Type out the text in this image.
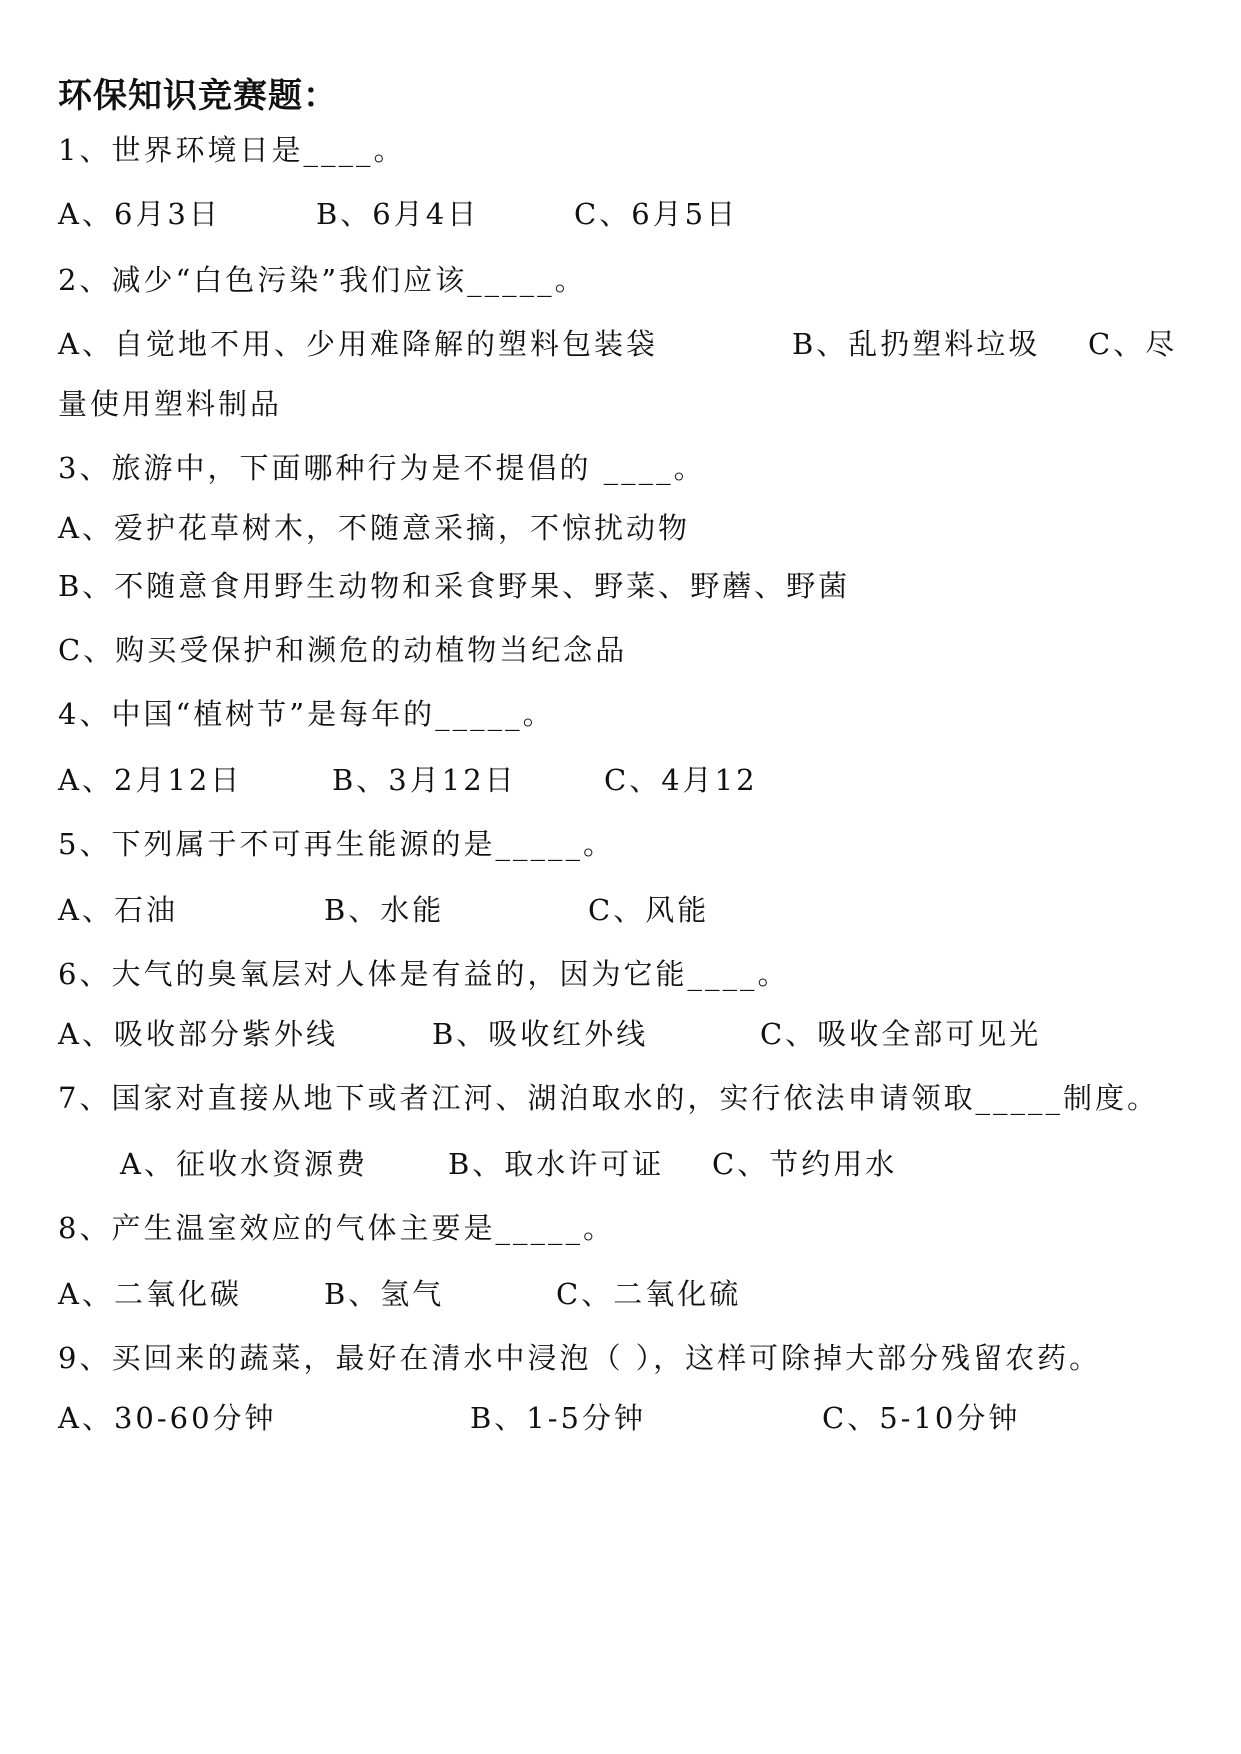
环保知识竞赛题：
1、世界环境日是____。
A、6月3日	B、6月4日	C、6月5日
2、减少“白色污染”我们应该_____。
A、自觉地不用、少用难降解的塑料包装袋	B、乱扔塑料垃圾 C、尽
量使用塑料制品
3、旅游中，下面哪种行为是不提倡的 ____。
A、爱护花草树木，不随意采摘，不惊扰动物
B、不随意食用野生动物和采食野果、野菜、野蘑、野菌
C、购买受保护和濒危的动植物当纪念品
4、中国“植树节”是每年的_____。
A、2月12日	B、3月12日	C、4月12
5、下列属于不可再生能源的是_____。
A、石油	B、水能	C、风能
6、大气的臭氧层对人体是有益的，因为它能____。
A、吸收部分紫外线	B、吸收红外线	C、吸收全部可见光
7、国家对直接从地下或者江河、湖泊取水的，实行依法申请领取_____制度。
A、征收水资源费	B、取水许可证 C、节约用水
8、产生温室效应的气体主要是_____。
A、二氧化碳	B、氢气	C、二氧化硫
9、买回来的蔬菜，最好在清水中浸泡（ ），这样可除掉大部分残留农药。
A、30-60分钟	B、1-5分钟	C、5-10分钟
